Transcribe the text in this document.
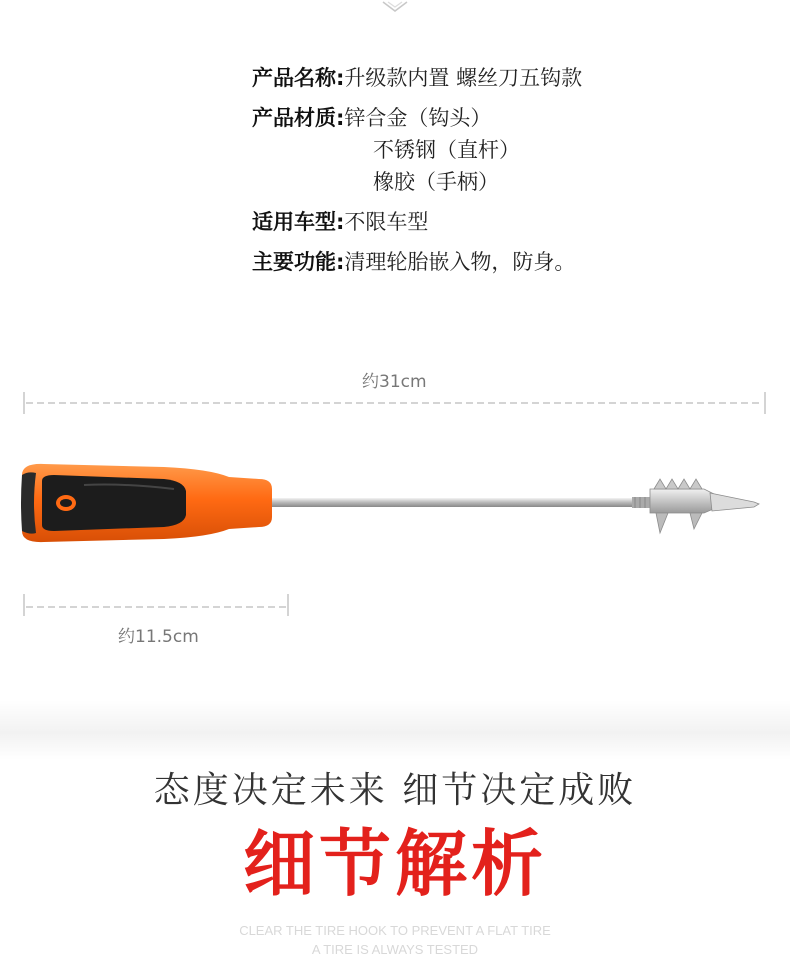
产品名称:升级款内置 螺丝刀五钩款
产品材质:锌合金（钩头）
不锈钢（直杆）
橡胶（手柄）
适用车型:不限车型
主要功能:清理轮胎嵌入物，防身。
约31cm
约11.5cm
态度决定未来 细节决定成败
细节解析
CLEAR THE TIRE HOOK TO PREVENT A FLAT TIRE
A TIRE IS ALWAYS TESTED
